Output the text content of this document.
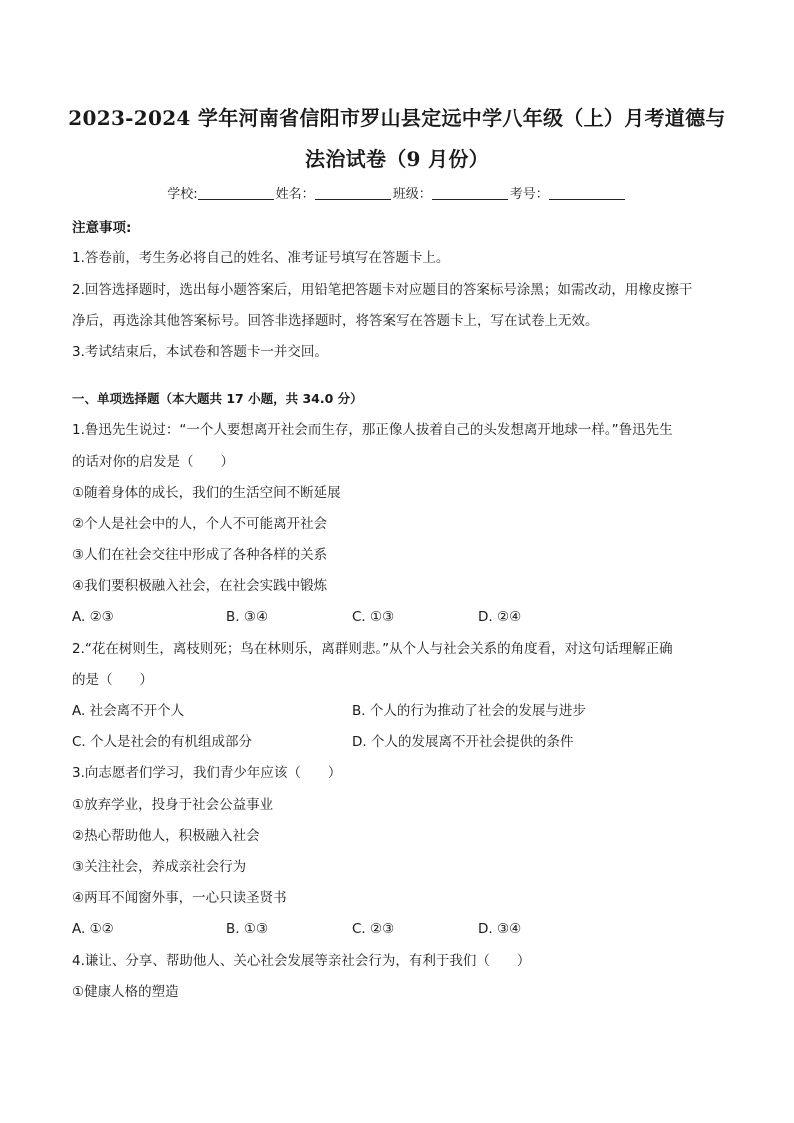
2023-2024 学年河南省信阳市罗山县定远中学八年级（上）月考道德与
法治试卷（9 月份）
学校:	姓名：	班级：	考号：
注意事项:
1.答卷前，考生务必将自己的姓名、准考证号填写在答题卡上。
2.回答选择题时，选出每小题答案后，用铅笔把答题卡对应题目的答案标号涂黑；如需改动，用橡皮擦干
净后，再选涂其他答案标号。回答非选择题时，将答案写在答题卡上，写在试卷上无效。
3.考试结束后，本试卷和答题卡一并交回。
一、单项选择题（本大题共 17 小题，共 34.0 分）
1.鲁迅先生说过：“一个人要想离开社会而生存，那正像人拔着自己的头发想离开地球一样。”鲁迅先生
的话对你的启发是（　　）
①随着身体的成长，我们的生活空间不断延展
②个人是社会中的人，个人不可能离开社会
③人们在社会交往中形成了各种各样的关系
④我们要积极融入社会，在社会实践中锻炼
A. ②③	B. ③④	C. ①③	D. ②④
2.“花在树则生，离枝则死；鸟在林则乐，离群则悲。”从个人与社会关系的角度看，对这句话理解正确
的是（　　）
A. 社会离不开个人	B. 个人的行为推动了社会的发展与进步
C. 个人是社会的有机组成部分	D. 个人的发展离不开社会提供的条件
3.向志愿者们学习，我们青少年应该（　　）
①放弃学业，投身于社会公益事业
②热心帮助他人，积极融入社会
③关注社会，养成亲社会行为
④两耳不闻窗外事，一心只读圣贤书
A. ①②	B. ①③	C. ②③	D. ③④
4.谦让、分享、帮助他人、关心社会发展等亲社会行为，有利于我们（　　）
①健康人格的塑造
